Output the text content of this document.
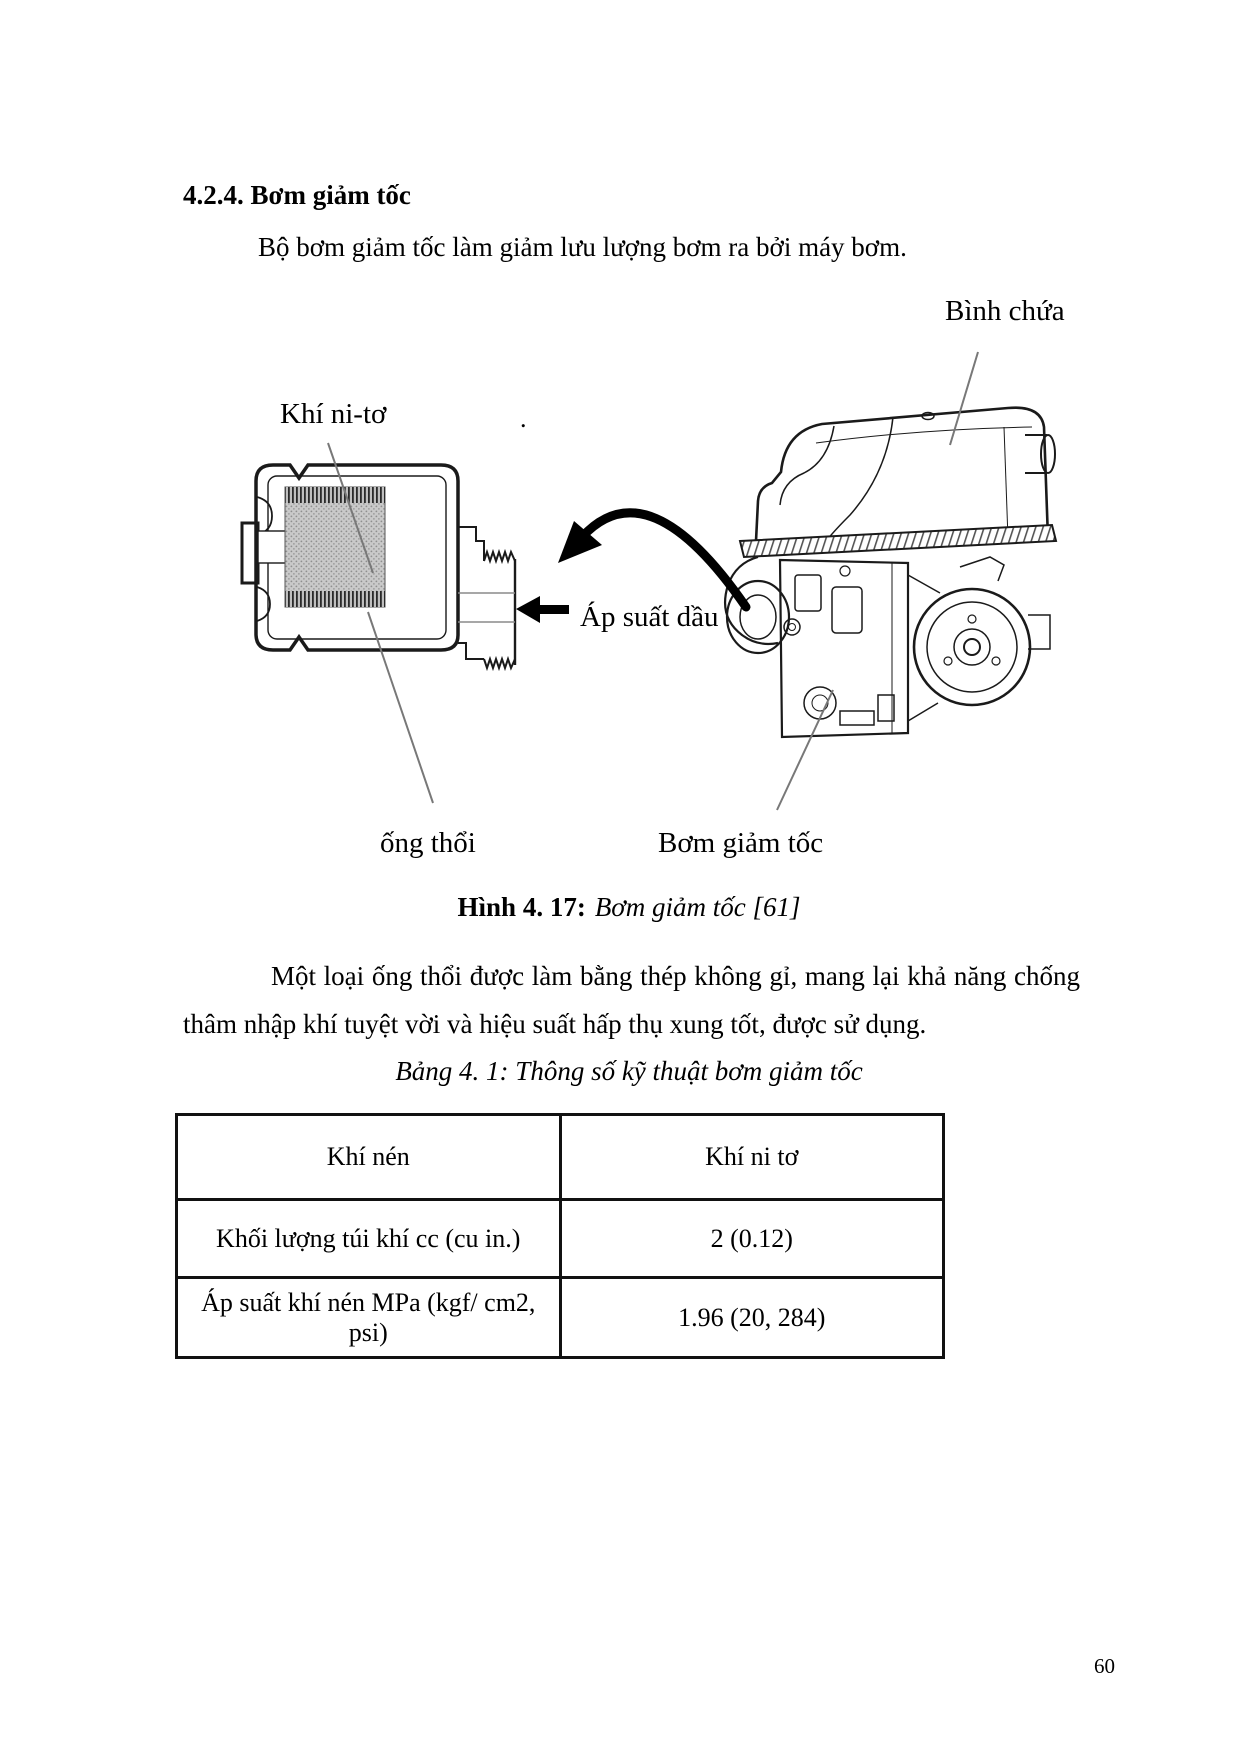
4.2.4. Bơm giảm tốc
Bộ bơm giảm tốc làm giảm lưu lượng bơm ra bởi máy bơm.
Bình chứa
Khí ni-tơ
Áp suất dầu
ống thổi	Bơm giảm tốc
.
Hình 4. 17: Bơm giảm tốc [61]
Một loại ống thổi được làm bằng thép không gỉ, mang lại khả năng chống
thâm nhập khí tuyệt vời và hiệu suất hấp thụ xung tốt, được sử dụng.
Bảng 4. 1: Thông số kỹ thuật bơm giảm tốc
Khí nén	Khí ni tơ
Khối lượng túi khí cc (cu in.)	2 (0.12)
Áp suất khí nén MPa (kgf/ cm2, psi)	1.96 (20, 284)
60
